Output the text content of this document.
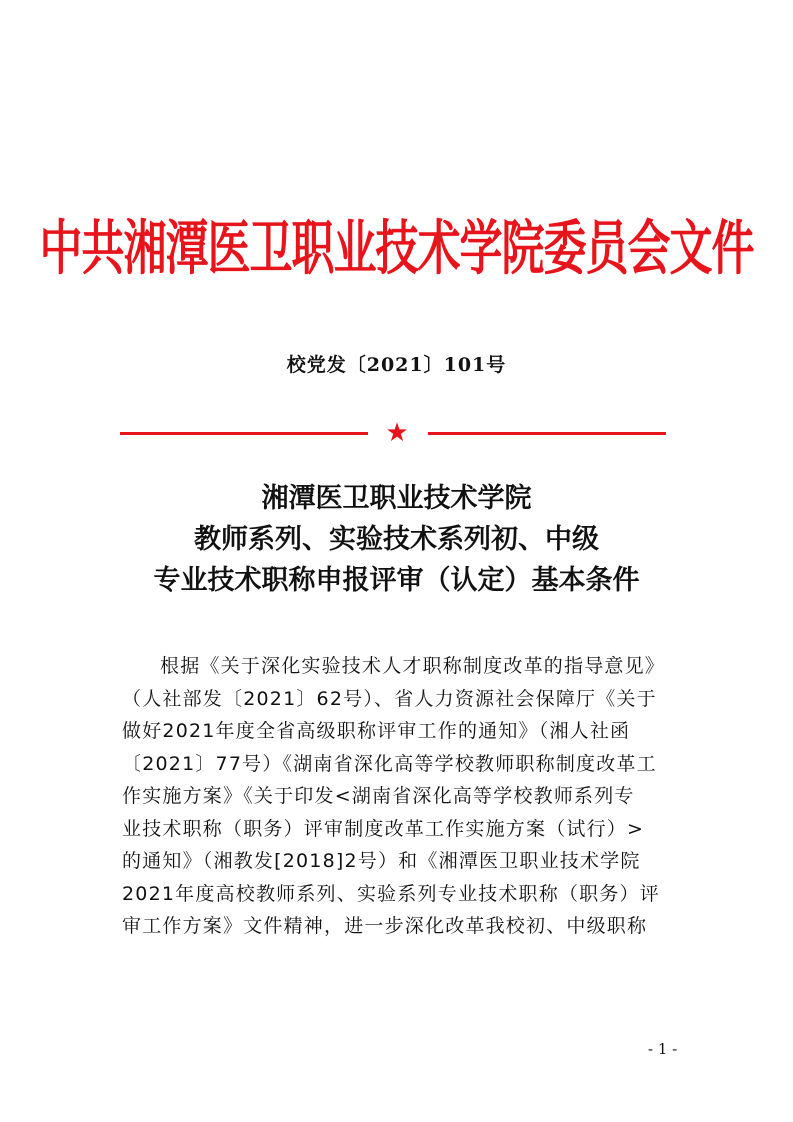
中共湘潭医卫职业技术学院委员会文件
校党发〔2021〕101号
★
湘潭医卫职业技术学院
教师系列、实验技术系列初、中级
专业技术职称申报评审（认定）基本条件
根据《关于深化实验技术人才职称制度改革的指导意见》
（人社部发〔2021〕62号）、省人力资源社会保障厅《关于
做好2021年度全省高级职称评审工作的通知》（湘人社函
〔2021〕77号）《湖南省深化高等学校教师职称制度改革工
作实施方案》《关于印发<湖南省深化高等学校教师系列专
业技术职称（职务）评审制度改革工作实施方案（试行）>
的通知》（湘教发[2018]2号）和《湘潭医卫职业技术学院
2021年度高校教师系列、实验系列专业技术职称（职务）评
审工作方案》文件精神，进一步深化改革我校初、中级职称
- 1 -
